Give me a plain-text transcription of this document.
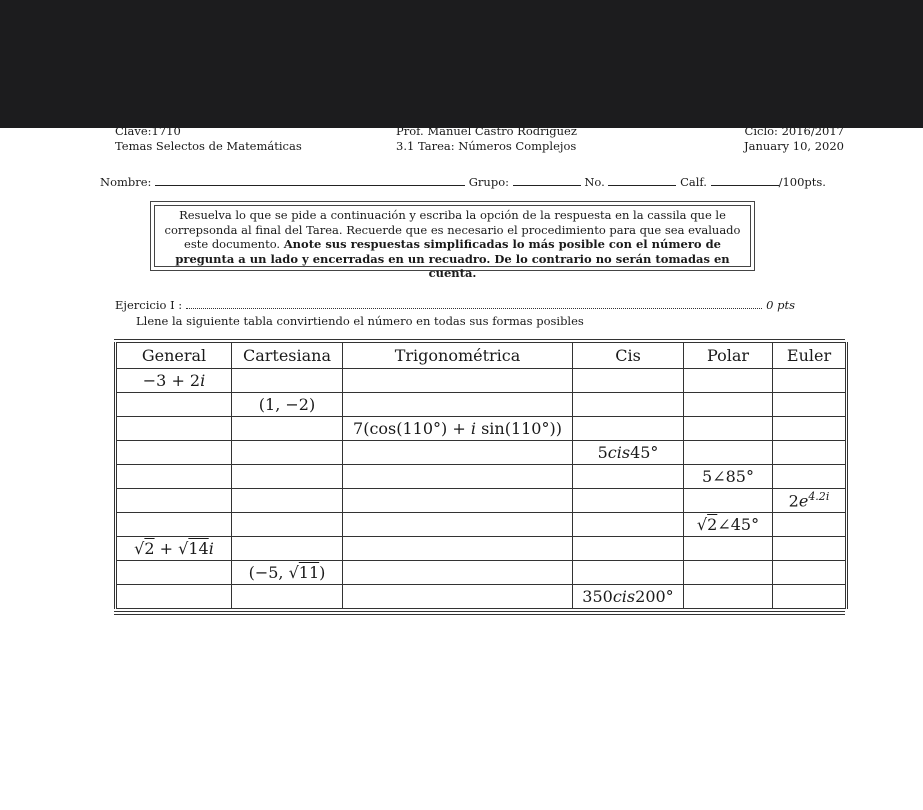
Clave:1710
Temas Selectos de Matemáticas
Prof. Manuel Castro Rodriguez
3.1 Tarea: Números Complejos
Ciclo: 2016/2017
January 10, 2020
Nombre:	Grupo:	No.	Calf.	/100pts.
Resuelva lo que se pide a continuación y escriba la opción de la respuesta en la cassila que le correpsonda al final del Tarea. Recuerde que es necesario el procedimiento para que sea evaluado este documento. Anote sus respuestas simplificadas lo más posible con el número de pregunta a un lado y encerradas en un recuadro. De lo contrario no serán tomadas en cuenta.
Ejercicio I :	0 pts
Llene la siguiente tabla convirtiendo el número en todas sus formas posibles
General	Cartesiana	Trigonométrica	Cis	Polar	Euler
−3 + 2i					
	(1, −2)				
		7(cos(110°) + i sin(110°))			
			5cis45°		
				5∠85°	
					$2e^{4.2i}$
				√2∠45°	
√2 + √14i					
	(−5, √11)				
			350cis200°		
